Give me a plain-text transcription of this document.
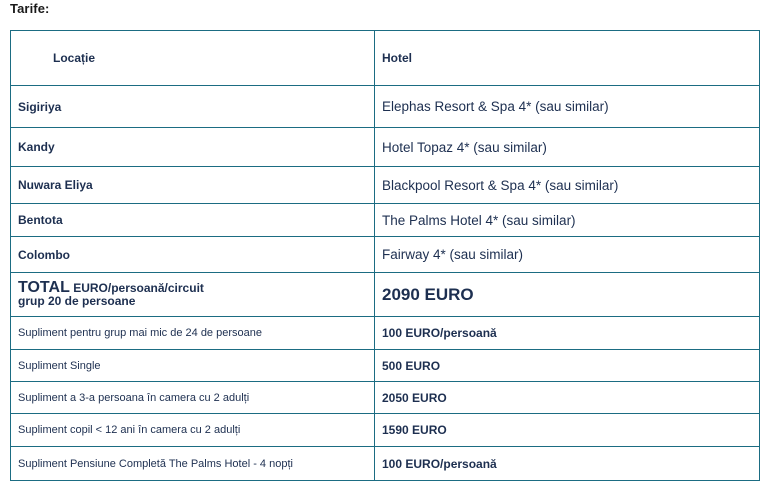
Tarife:
Locație	Hotel
Sigiriya	Elephas Resort & Spa 4* (sau similar)
Kandy	Hotel Topaz 4* (sau similar)
Nuwara Eliya	Blackpool Resort & Spa 4* (sau similar)
Bentota	The Palms Hotel 4* (sau similar)
Colombo	Fairway 4* (sau similar)
TOTAL EURO/persoană/circuit
grup 20 de persoane	2090 EURO
Supliment pentru grup mai mic de 24 de persoane	100 EURO/persoană
Supliment Single	500 EURO
Supliment a 3-a persoana în camera cu 2 adulți	2050 EURO
Supliment copil < 12 ani în camera cu 2 adulți	1590 EURO
Supliment Pensiune Completă The Palms Hotel - 4 nopți	100 EURO/persoană
